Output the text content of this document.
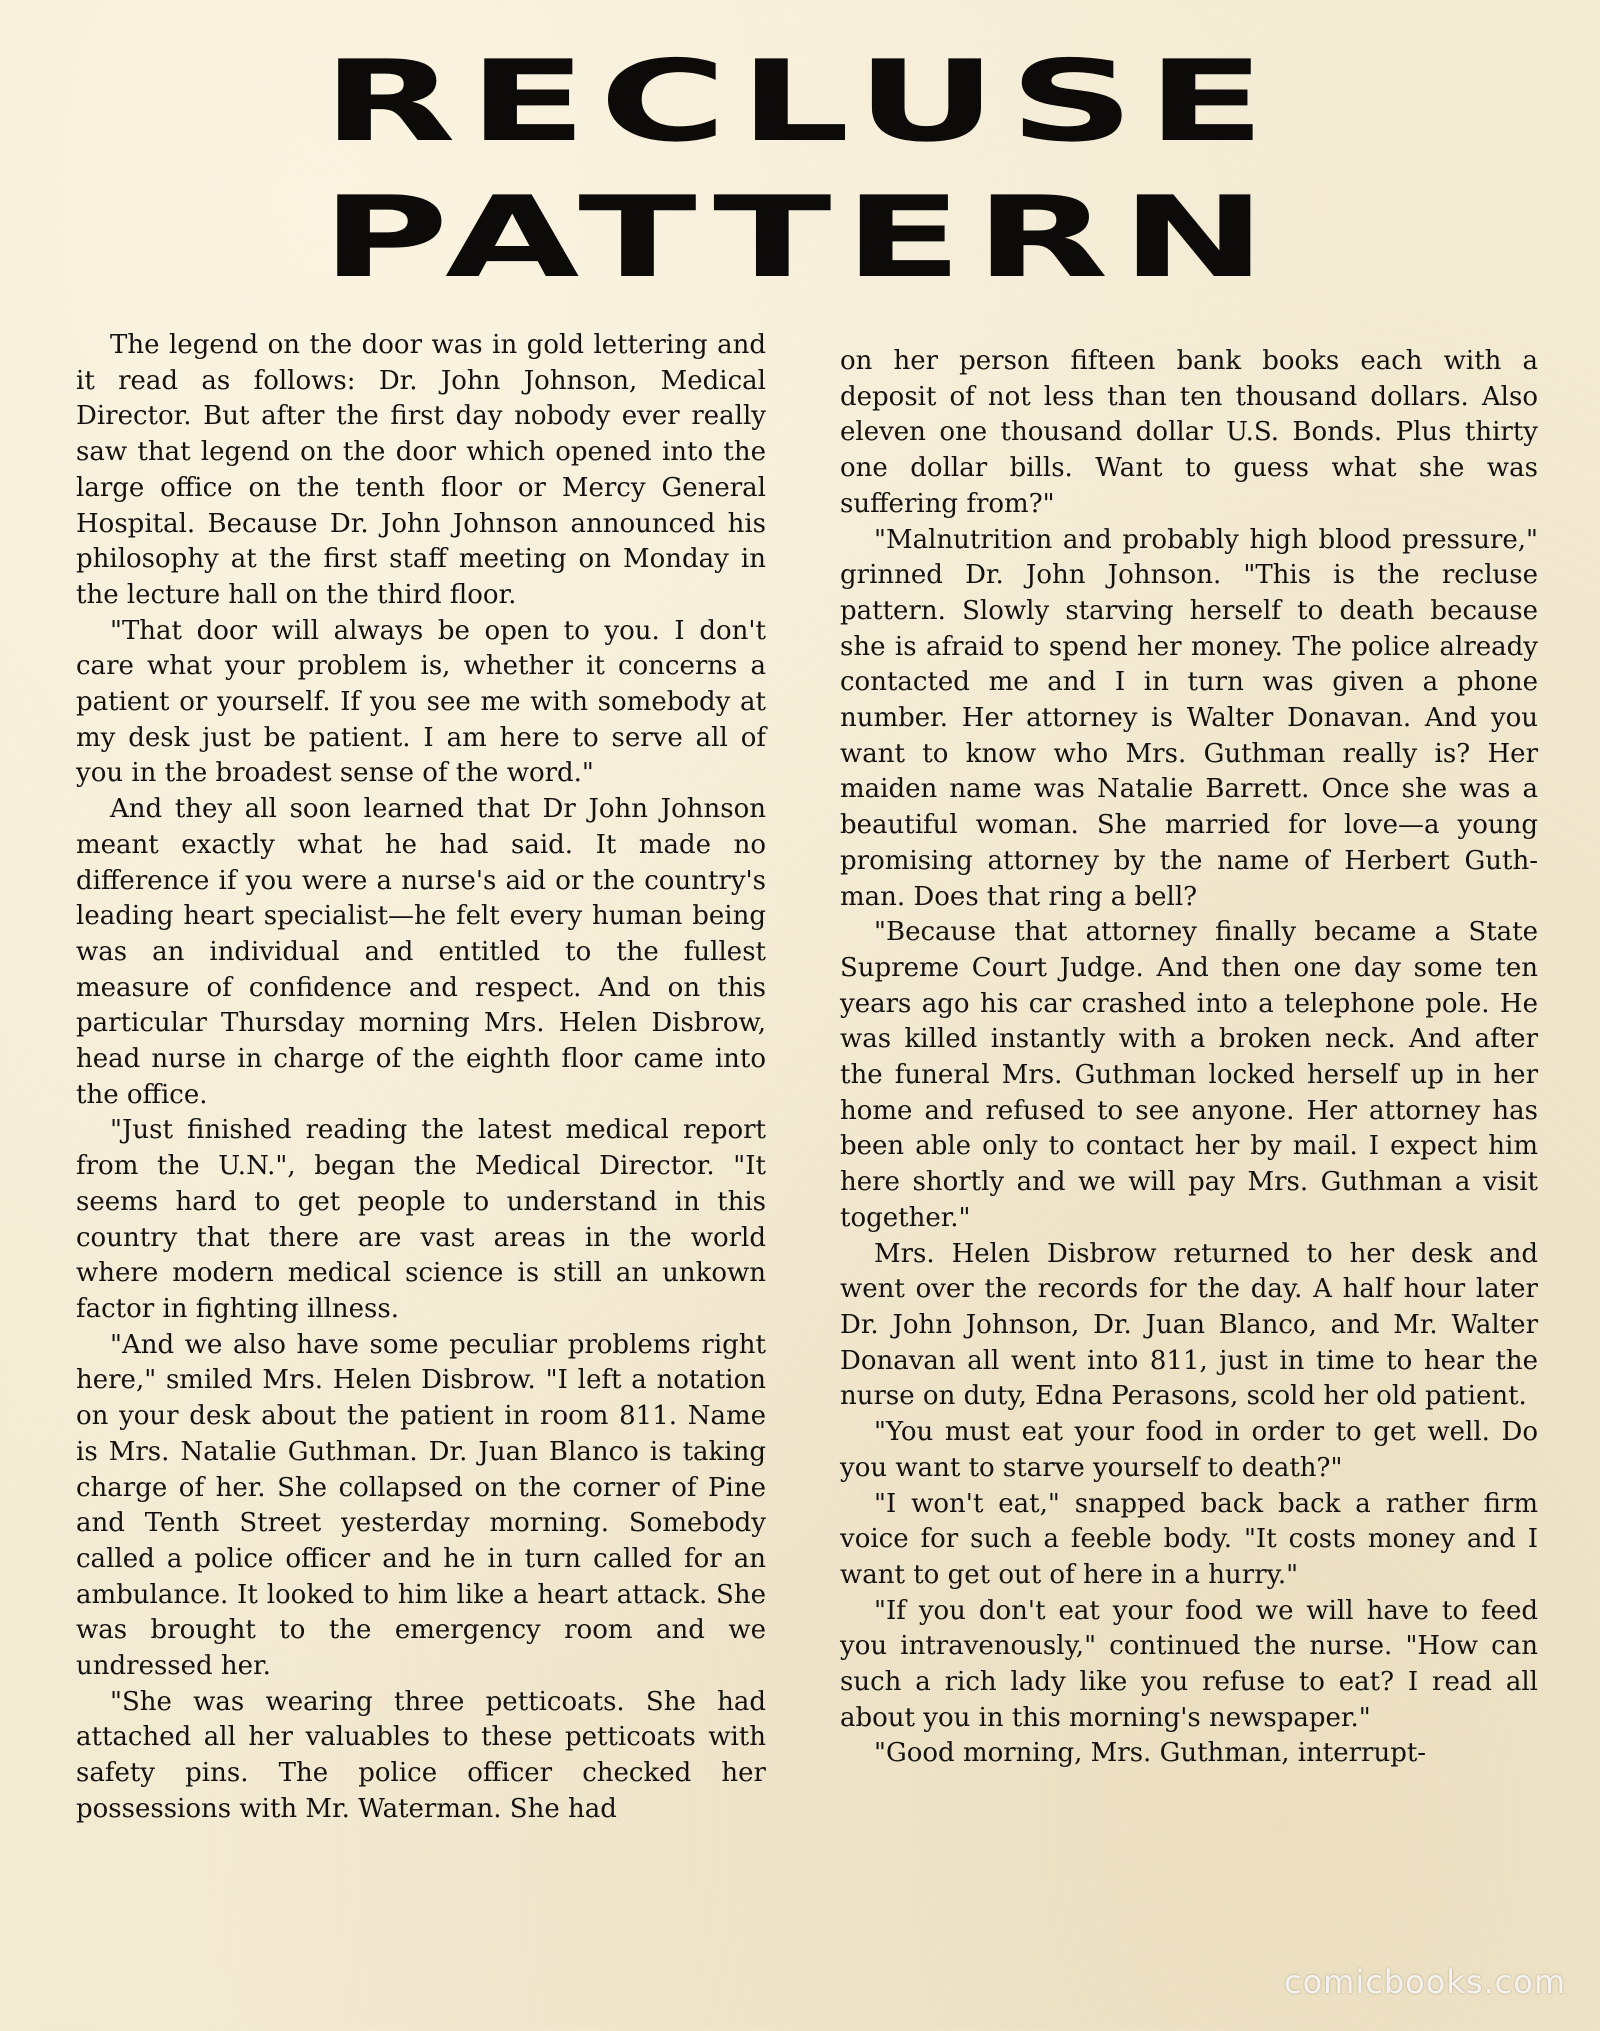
RECLUSE
PATTERN

The legend on the door was in gold lettering and it read as follows: Dr. John Johnson, Medical Director. But after the first day nobody ever really saw that legend on the door which opened into the large office on the tenth floor or Mercy General Hospital. Because Dr. John Johnson announced his philosophy at the first staff meeting on Monday in the lecture hall on the third floor.

"That door will always be open to you. I don't care what your problem is, whether it concerns a patient or yourself. If you see me with somebody at my desk just be patient. I am here to serve all of you in the broadest sense of the word."

And they all soon learned that Dr John Johnson meant exactly what he had said. It made no difference if you were a nurse's aid or the country's leading heart specialist—he felt every human being was an individual and entitled to the fullest measure of confidence and respect. And on this particular Thursday morning Mrs. Helen Disbrow, head nurse in charge of the eighth floor came into the office.

"Just finished reading the latest medical report from the U.N.", began the Medical Director. "It seems hard to get people to understand in this country that there are vast areas in the world where modern medical science is still an unkown factor in fighting illness.

"And we also have some peculiar problems right here," smiled Mrs. Helen Disbrow. "I left a notation on your desk about the patient in room 811. Name is Mrs. Natalie Guthman. Dr. Juan Blanco is taking charge of her. She collapsed on the corner of Pine and Tenth Street yesterday morning. Somebody called a police officer and he in turn called for an ambulance. It looked to him like a heart attack. She was brought to the emergency room and we undressed her.

"She was wearing three petticoats. She had attached all her valuables to these petticoats with safety pins. The police officer checked her possessions with Mr. Waterman. She had

on her person fifteen bank books each with a deposit of not less than ten thousand dollars. Also eleven one thousand dollar U.S. Bonds. Plus thirty one dollar bills. Want to guess what she was suffering from?"

"Malnutrition and probably high blood pressure," grinned Dr. John Johnson. "This is the recluse pattern. Slowly starving herself to death because she is afraid to spend her money. The police already contacted me and I in turn was given a phone number. Her attorney is Walter Donavan. And you want to know who Mrs. Guthman really is? Her maiden name was Natalie Barrett. Once she was a beautiful woman. She married for love—a young promising attorney by the name of Herbert Guthman. Does that ring a bell?

"Because that attorney finally became a State Supreme Court Judge. And then one day some ten years ago his car crashed into a telephone pole. He was killed instantly with a broken neck. And after the funeral Mrs. Guthman locked herself up in her home and refused to see anyone. Her attorney has been able only to contact her by mail. I expect him here shortly and we will pay Mrs. Guthman a visit together."

Mrs. Helen Disbrow returned to her desk and went over the records for the day. A half hour later Dr. John Johnson, Dr. Juan Blanco, and Mr. Walter Donavan all went into 811, just in time to hear the nurse on duty, Edna Perasons, scold her old patient.

"You must eat your food in order to get well. Do you want to starve yourself to death?"

"I won't eat," snapped back back a rather firm voice for such a feeble body. "It costs money and I want to get out of here in a hurry."

"If you don't eat your food we will have to feed you intravenously," continued the nurse. "How can such a rich lady like you refuse to eat? I read all about you in this morning's newspaper."

"Good morning, Mrs. Guthman, interrupt-

comicbooks.com
